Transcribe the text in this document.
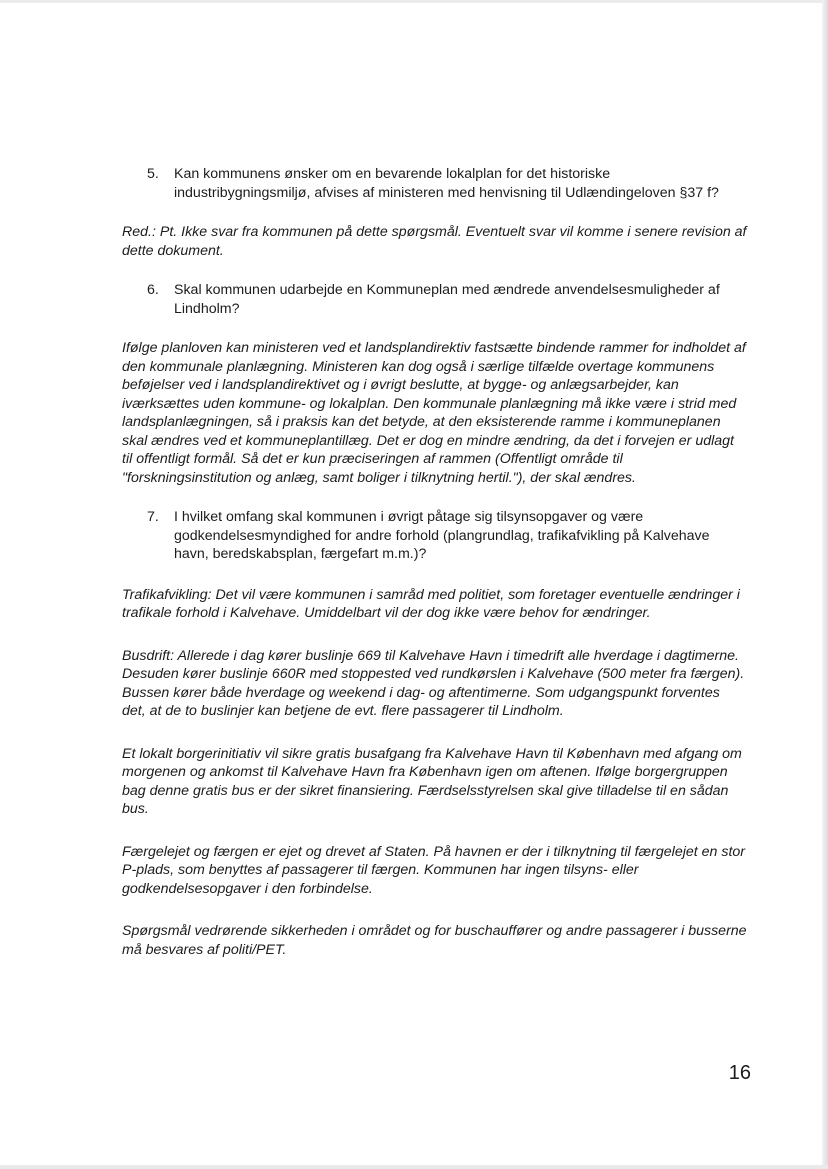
5.	Kan kommunens ønsker om en bevarende lokalplan for det historiske industribygningsmiljø, afvises af ministeren med henvisning til Udlændingeloven §37 f?

Red.: Pt. Ikke svar fra kommunen på dette spørgsmål. Eventuelt svar vil komme i senere revision af dette dokument.

6.	Skal kommunen udarbejde en Kommuneplan med ændrede anvendelsesmuligheder af Lindholm?

Ifølge planloven kan ministeren ved et landsplandirektiv fastsætte bindende rammer for indholdet af den kommunale planlægning. Ministeren kan dog også i særlige tilfælde overtage kommunens beføjelser ved i landsplandirektivet og i øvrigt beslutte, at bygge- og anlægsarbejder, kan iværksættes uden kommune- og lokalplan. Den kommunale planlægning må ikke være i strid med landsplanlægningen, så i praksis kan det betyde, at den eksisterende ramme i kommuneplanen skal ændres ved et kommuneplantillæg. Det er dog en mindre ændring, da det i forvejen er udlagt til offentligt formål. Så det er kun præciseringen af rammen (Offentligt område til "forskningsinstitution og anlæg, samt boliger i tilknytning hertil."), der skal ændres.

7.	I hvilket omfang skal kommunen i øvrigt påtage sig tilsynsopgaver og være godkendelsesmyndighed for andre forhold (plangrundlag, trafikafvikling på Kalvehave havn, beredskabsplan, færgefart m.m.)?

Trafikafvikling: Det vil være kommunen i samråd med politiet, som foretager eventuelle ændringer i trafikale forhold i Kalvehave. Umiddelbart vil der dog ikke være behov for ændringer.

Busdrift: Allerede i dag kører buslinje 669 til Kalvehave Havn i timedrift alle hverdage i dagtimerne. Desuden kører buslinje 660R med stoppested ved rundkørslen i Kalvehave (500 meter fra færgen). Bussen kører både hverdage og weekend i dag- og aftentimerne. Som udgangspunkt forventes det, at de to buslinjer kan betjene de evt. flere passagerer til Lindholm.

Et lokalt borgerinitiativ vil sikre gratis busafgang fra Kalvehave Havn til København med afgang om morgenen og ankomst til Kalvehave Havn fra København igen om aftenen. Ifølge borgergruppen bag denne gratis bus er der sikret finansiering. Færdselsstyrelsen skal give tilladelse til en sådan bus.

Færgelejet og færgen er ejet og drevet af Staten. På havnen er der i tilknytning til færgelejet en stor P-plads, som benyttes af passagerer til færgen. Kommunen har ingen tilsyns- eller godkendelsesopgaver i den forbindelse.

Spørgsmål vedrørende sikkerheden i området og for buschauffører og andre passagerer i busserne må besvares af politi/PET.

16
